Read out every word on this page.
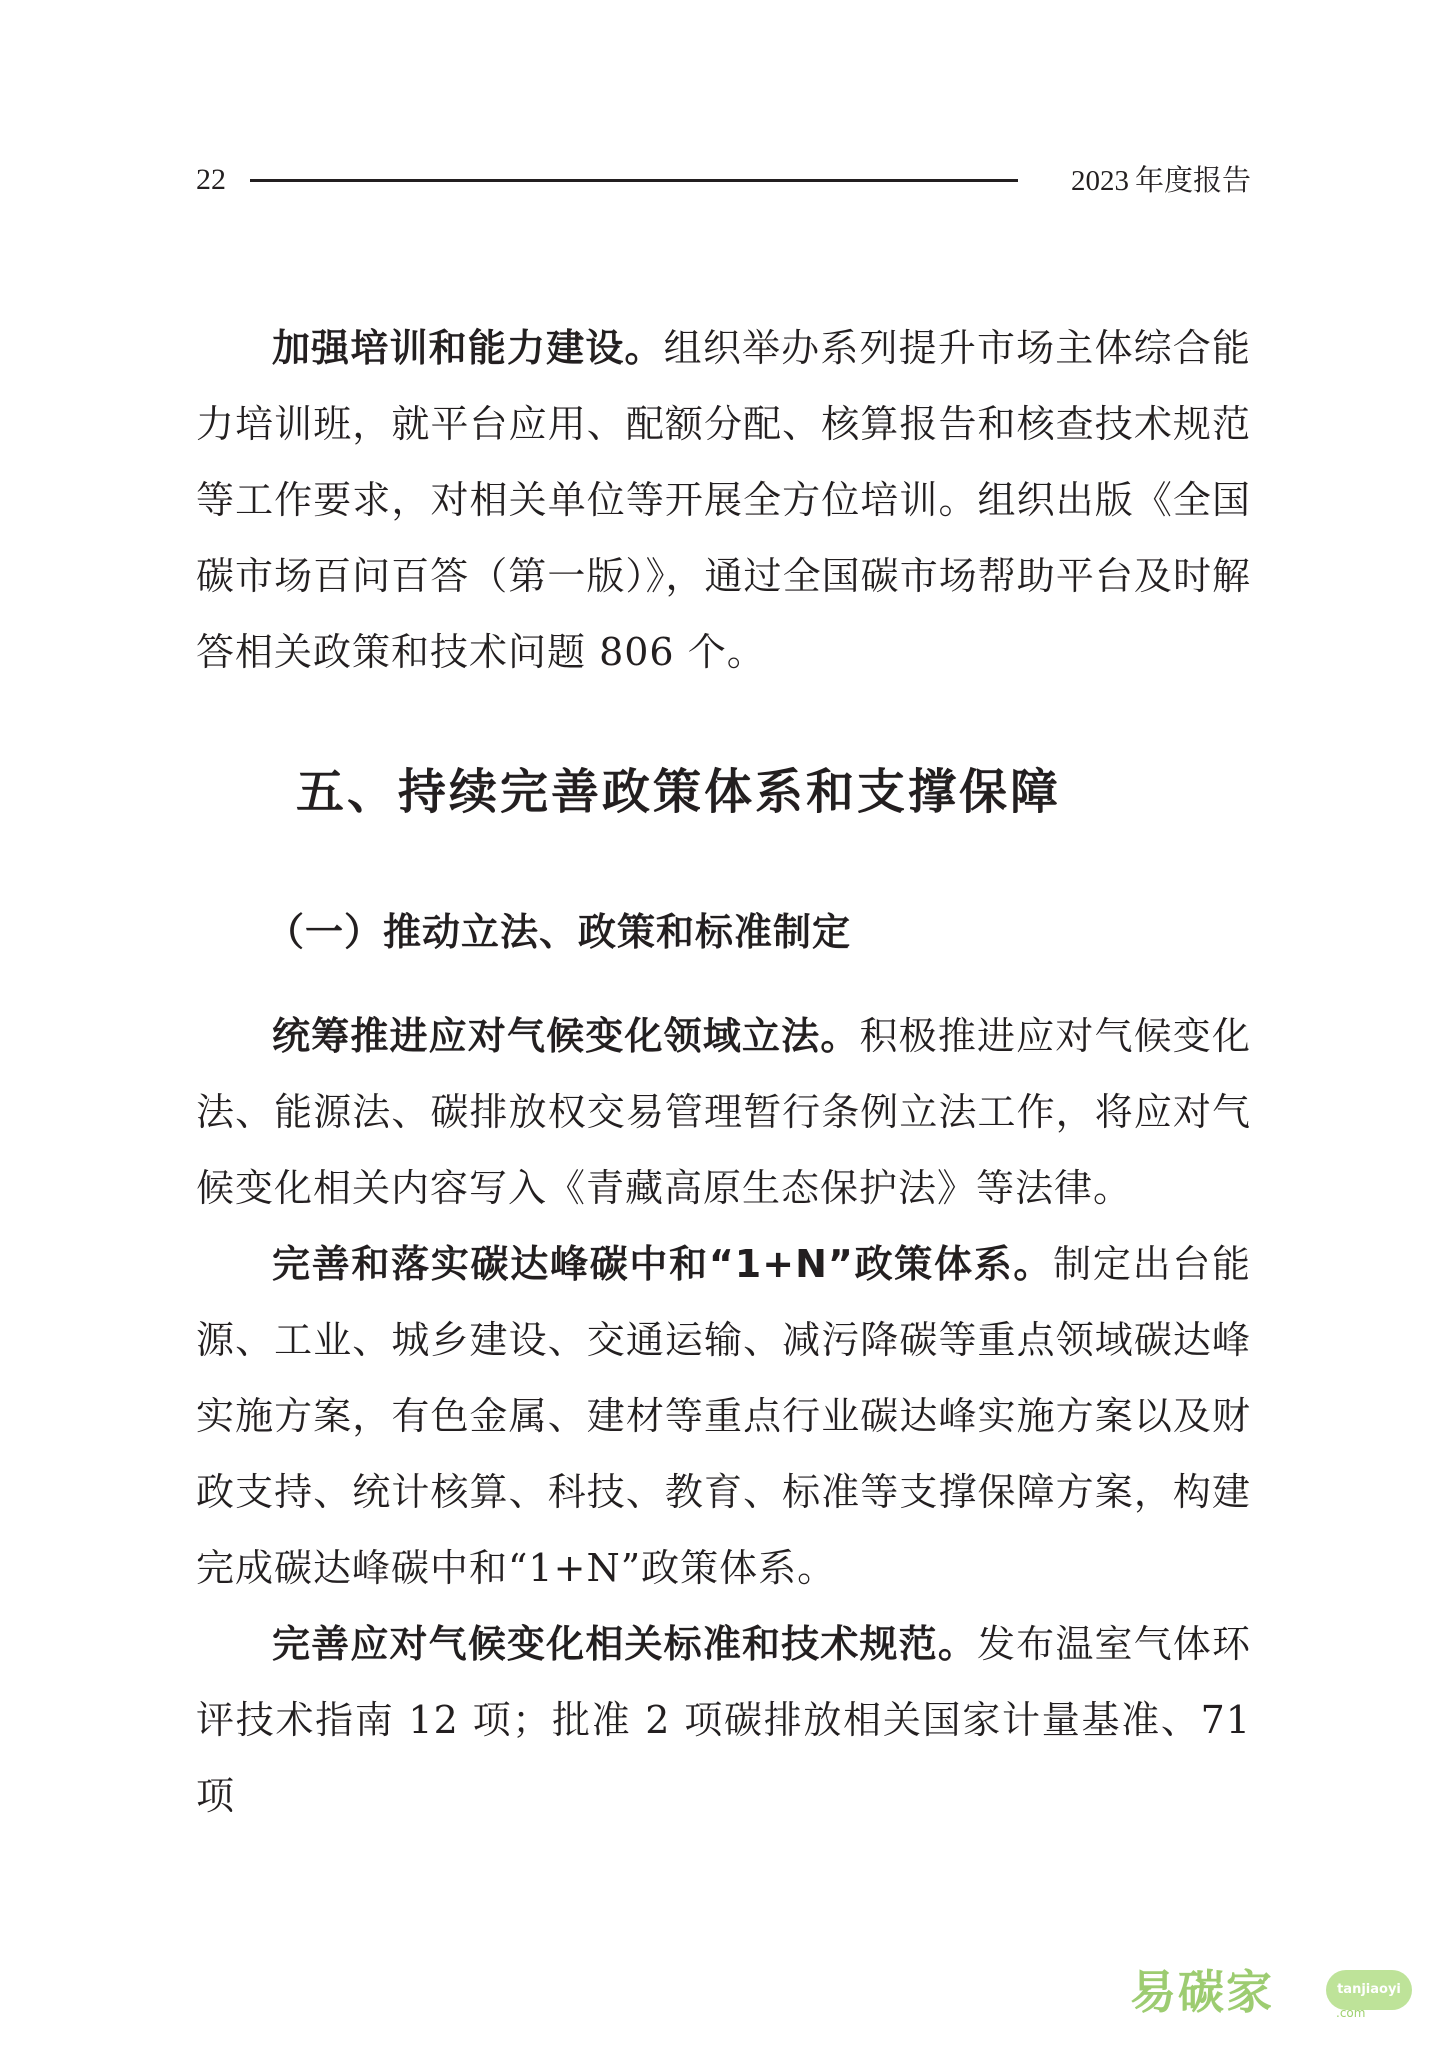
22	2023 年度报告

加强培训和能力建设。组织举办系列提升市场主体综合能力培训班，就平台应用、配额分配、核算报告和核查技术规范等工作要求，对相关单位等开展全方位培训。组织出版《全国碳市场百问百答（第一版）》，通过全国碳市场帮助平台及时解答相关政策和技术问题 806 个。

五、持续完善政策体系和支撑保障
（一）推动立法、政策和标准制定

统筹推进应对气候变化领域立法。积极推进应对气候变化法、能源法、碳排放权交易管理暂行条例立法工作，将应对气候变化相关内容写入《青藏高原生态保护法》等法律。

完善和落实碳达峰碳中和“1+N”政策体系。制定出台能源、工业、城乡建设、交通运输、减污降碳等重点领域碳达峰实施方案，有色金属、建材等重点行业碳达峰实施方案以及财政支持、统计核算、科技、教育、标准等支撑保障方案，构建完成碳达峰碳中和“1+N”政策体系。

完善应对气候变化相关标准和技术规范。发布温室气体环评技术指南 12 项；批准 2 项碳排放相关国家计量基准、71 项

易碳家	tanjiaoyi
.com
